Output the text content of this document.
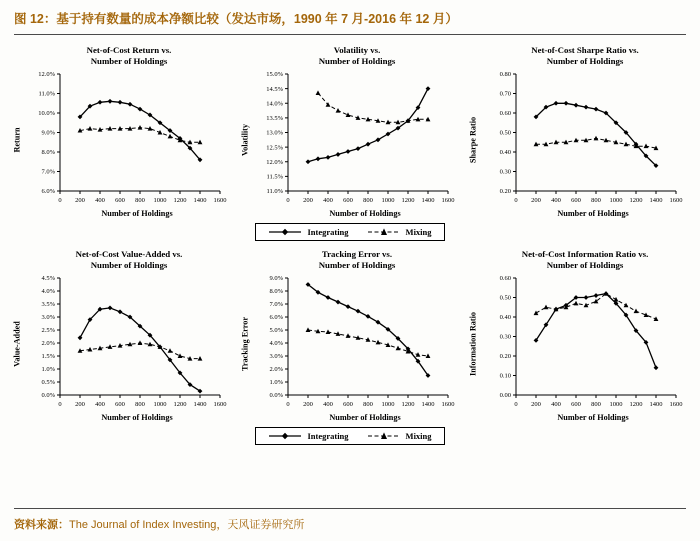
图 12：基于持有数量的成本净额比较（发达市场，1990 年 7 月-2016 年 12 月）
Net-of-Cost Return vs.
Number of Holdings
Return
6.0%
7.0%
8.0%
9.0%
10.0%
11.0%
12.0%
0 200 400 600 800 1000 1200 1400 1600
Number of Holdings
Volatility vs.
Number of Holdings
Volatility
11.0%
11.5%
12.0%
12.5%
13.0%
13.5%
14.0%
14.5%
15.0%
0 200 400 600 800 1000 1200 1400 1600
Number of Holdings
Net-of-Cost Sharpe Ratio vs.
Number of Holdings
Sharpe Ratio
0.20
0.30
0.40
0.50
0.60
0.70
0.80
0 200 400 600 800 1000 1200 1400 1600
Number of Holdings
Integrating	Mixing
Net-of-Cost Value-Added vs.
Number of Holdings
Value-Added
0.0%
0.5%
1.0%
1.5%
2.0%
2.5%
3.0%
3.5%
4.0%
4.5%
0 200 400 600 800 1000 1200 1400 1600
Number of Holdings
Tracking Error vs.
Number of Holdings
Tracking Error
0.0%
1.0%
2.0%
3.0%
4.0%
5.0%
6.0%
7.0%
8.0%
9.0%
0 200 400 600 800 1000 1200 1400 1600
Number of Holdings
Net-of-Cost Information Ratio vs.
Number of Holdings
Information Ratio
0.00
0.10
0.20
0.30
0.40
0.50
0.60
0 200 400 600 800 1000 1200 1400 1600
Number of Holdings
Integrating	Mixing
资料来源：The Journal of Index Investing，天风证券研究所
